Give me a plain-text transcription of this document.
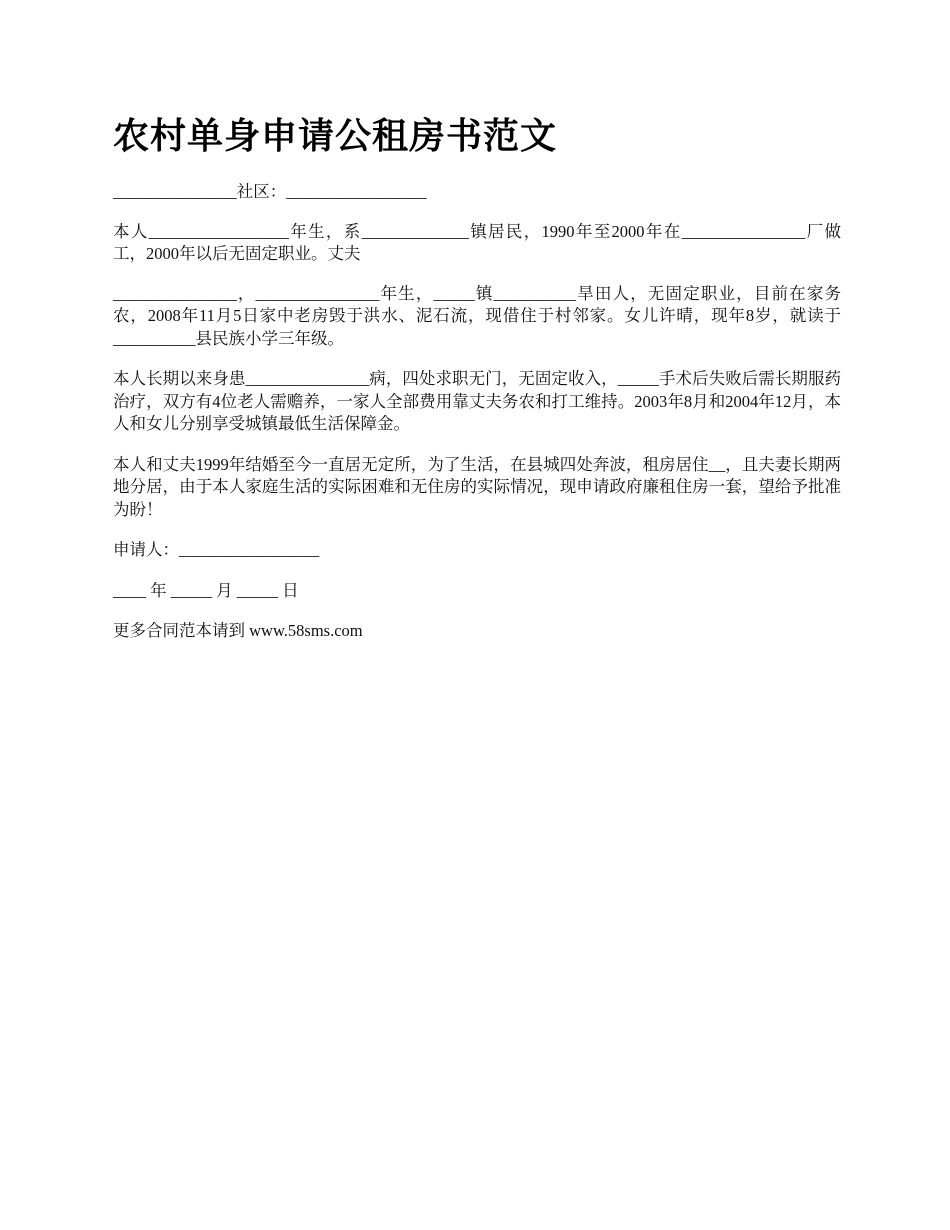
农村单身申请公租房书范文

_______________社区：_________________

本人_________________年生，系_____________镇居民，1990年至2000年在_______________厂做工，2000年以后无固定职业。丈夫

_______________，_______________年生，_____镇__________旱田人，无固定职业，目前在家务农，2008年11月5日家中老房毁于洪水、泥石流，现借住于村邻家。女儿许晴，现年8岁，就读于__________县民族小学三年级。

本人长期以来身患_______________病，四处求职无门，无固定收入，_____手术后失败后需长期服药治疗，双方有4位老人需赡养，一家人全部费用靠丈夫务农和打工维持。2003年8月和2004年12月，本人和女儿分别享受城镇最低生活保障金。

本人和丈夫1999年结婚至今一直居无定所，为了生活，在县城四处奔波，租房居住__，且夫妻长期两地分居，由于本人家庭生活的实际困难和无住房的实际情况，现申请政府廉租住房一套，望给予批准为盼！

申请人：_________________

____ 年 _____ 月 _____ 日

更多合同范本请到 www.58sms.com
